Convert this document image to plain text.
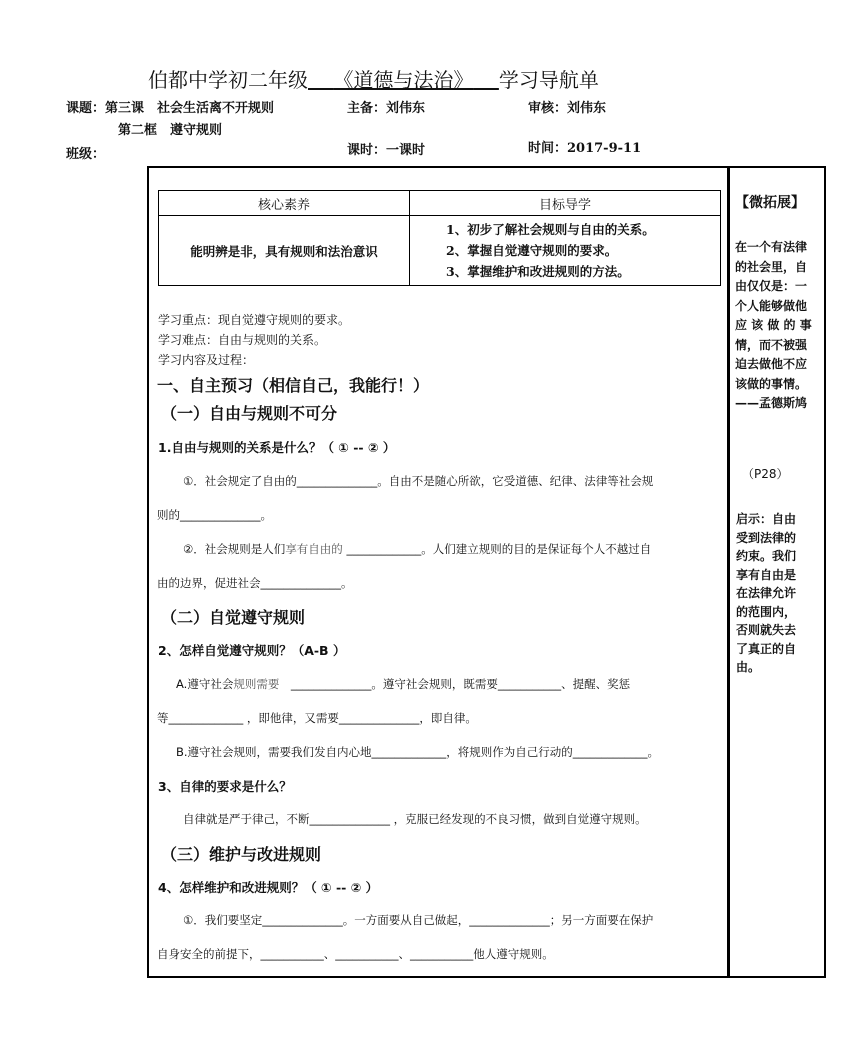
伯都中学初二年级 《道德与法治》 学习导航单
课题：第三课　社会生活离不开规则
第二框　遵守规则
主备：刘伟东	审核：刘伟东
班级：	课时：一课时	时间：2017-9-11
核心素养	目标导学
能明辨是非，具有规则和法治意识	1、初步了解社会规则与自由的关系。
2、掌握自觉遵守规则的要求。
3、掌握维护和改进规则的方法。
学习重点：现自觉遵守规则的要求。
学习难点：自由与规则的关系。
学习内容及过程：
一、自主预习（相信自己，我能行！）
（一）自由与规则不可分
1.自由与规则的关系是什么？（ ① -- ② ）
①．社会规定了自由的______________。自由不是随心所欲，它受道德、纪律、法律等社会规
则的______________。
②．社会规则是人们享有自由的 _____________。人们建立规则的目的是保证每个人不越过自
由的边界，促进社会______________。
（二）自觉遵守规则
2、怎样自觉遵守规则？（A-B ）
A.遵守社会规则需要　______________。遵守社会规则，既需要___________、提醒、奖惩
等_____________ ，即他律，又需要______________，即自律。
B.遵守社会规则，需要我们发自内心地_____________，将规则作为自己行动的_____________。
3、自律的要求是什么？
自律就是严于律己，不断______________ ，克服已经发现的不良习惯，做到自觉遵守规则。
（三）维护与改进规则
4、怎样维护和改进规则？（ ① -- ② ）
①．我们要坚定______________。一方面要从自己做起，______________；另一方面要在保护
自身安全的前提下，___________、___________、___________他人遵守规则。
【微拓展】
在一个有法律
的社会里，自
由仅仅是：一
个人能够做他
应 该 做 的 事
情，而不被强
迫去做他不应
该做的事情。
——孟德斯鸠
（P28）
启示：自由
受到法律的
约束。我们
享有自由是
在法律允许
的范围内，
否则就失去
了真正的自
由。
